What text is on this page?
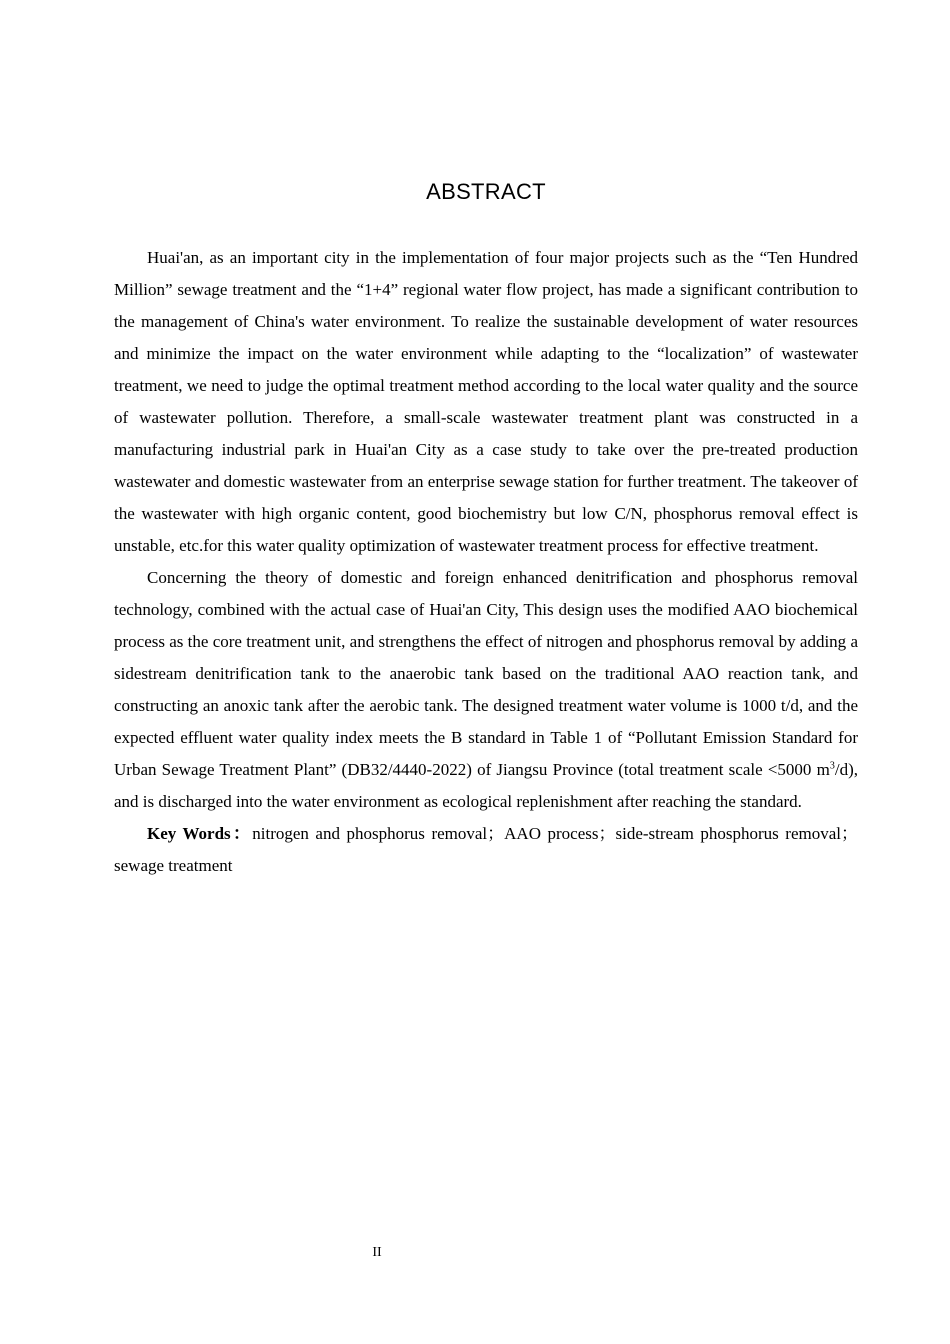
ABSTRACT

Huai'an, as an important city in the implementation of four major projects such as the “Ten Hundred Million” sewage treatment and the “1+4” regional water flow project, has made a significant contribution to the management of China's water environment. To realize the sustainable development of water resources and minimize the impact on the water environment while adapting to the “localization” of wastewater treatment, we need to judge the optimal treatment method according to the local water quality and the source of wastewater pollution. Therefore, a small-scale wastewater treatment plant was constructed in a manufacturing industrial park in Huai'an City as a case study to take over the pre-treated production wastewater and domestic wastewater from an enterprise sewage station for further treatment. The takeover of the wastewater with high organic content, good biochemistry but low C/N, phosphorus removal effect is unstable, etc.for this water quality optimization of wastewater treatment process for effective treatment.

Concerning the theory of domestic and foreign enhanced denitrification and phosphorus removal technology, combined with the actual case of Huai'an City, This design uses the modified AAO biochemical process as the core treatment unit, and strengthens the effect of nitrogen and phosphorus removal by adding a sidestream denitrification tank to the anaerobic tank based on the traditional AAO reaction tank, and constructing an anoxic tank after the aerobic tank. The designed treatment water volume is 1000 t/d, and the expected effluent water quality index meets the B standard in Table 1 of “Pollutant Emission Standard for Urban Sewage Treatment Plant” (DB32/4440-2022) of Jiangsu Province (total treatment scale <5000 $m^3/d$), and is discharged into the water environment as ecological replenishment after reaching the standard.

Key Words：nitrogen and phosphorus removal；AAO process；side-stream phosphorus removal；sewage treatment

II
